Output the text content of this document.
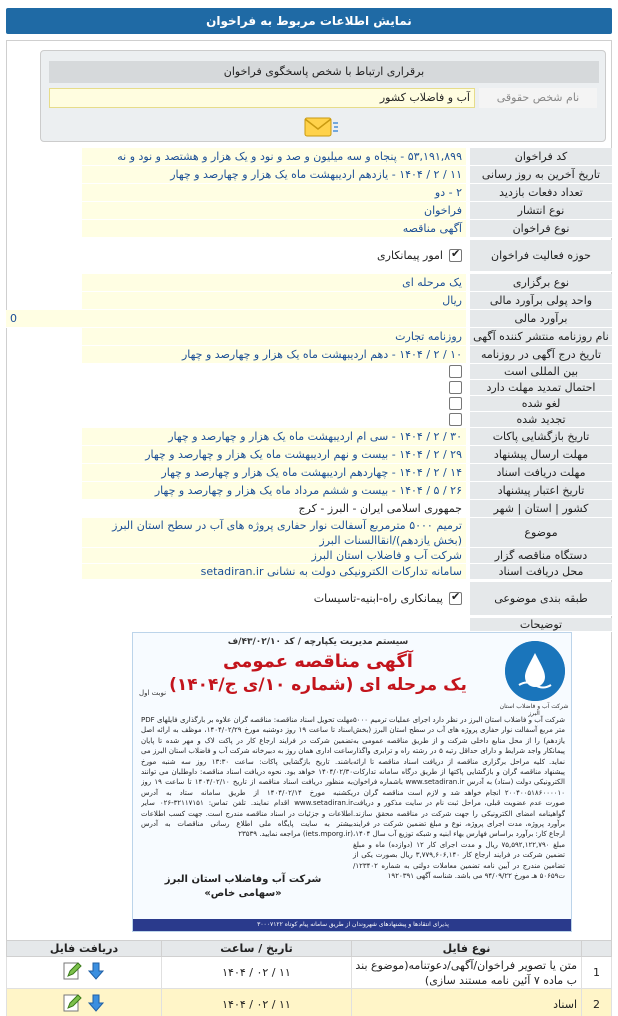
نمایش اطلاعات مربوط به فراخوان
برقراری ارتباط با شخص پاسخگوی فراخوان
نام شخص حقوقی
آب و فاضلاب کشور
کد فراخوان
۵۳,۱۹۱,۸۹۹ - پنجاه و سه میلیون و صد و نود و یک هزار و هشتصد و نود و نه
تاریخ آخرین به روز رسانی
۱۱ / ۲ / ۱۴۰۴ - یازدهم اردیبهشت ماه یک هزار و چهارصد و چهار
تعداد دفعات بازدید
۲ - دو
نوع انتشار
فراخوان
نوع فراخوان
آگهی مناقصه
حوزه فعالیت فراخوان
✔
امور پیمانکاری
نوع برگزاری
یک مرحله ای
واحد پولی برآورد مالی
ریال
برآورد مالی
0
نام روزنامه منتشر کننده آگهی
روزنامه تجارت
تاریخ درج آگهی در روزنامه
۱۰ / ۲ / ۱۴۰۴ - دهم اردیبهشت ماه یک هزار و چهارصد و چهار
بین المللی است
احتمال تمدید مهلت دارد
لغو شده
تجدید شده
تاریخ بازگشایی پاکات
۳۰ / ۲ / ۱۴۰۴ - سی ام اردیبهشت ماه یک هزار و چهارصد و چهار
مهلت ارسال پیشنهاد
۲۹ / ۲ / ۱۴۰۴ - بیست و نهم اردیبهشت ماه یک هزار و چهارصد و چهار
مهلت دریافت اسناد
۱۴ / ۲ / ۱۴۰۴ - چهاردهم اردیبهشت ماه یک هزار و چهارصد و چهار
تاریخ اعتبار پیشنهاد
۲۶ / ۵ / ۱۴۰۴ - بیست و ششم مرداد ماه یک هزار و چهارصد و چهار
کشور | استان | شهر
جمهوری اسلامی ایران - البرز - کرج
موضوع
ترمیم ۵۰۰۰ مترمربع آسفالت نوار حفاری پروژه های آب در سطح استان البرز (بخش یازدهم)/انقاالسنات البرز
دستگاه مناقصه گزار
شرکت آب و فاضلاب استان البرز
محل دریافت اسناد
سامانه تدارکات الکترونیکی دولت به نشانی setadiran.ir
طبقه بندی موضوعی
✔
پیمانکاری راه-ابنیه-تاسیسات
توضیحات
سیستم مدیریت یکپارچه / کد ۴۳/۰۲/۱۰/ف
آگهی مناقصه عمومی
یک مرحله ای (شماره ۱۰/ی ج/۱۴۰۴)
نوبت اول
شرکت آب و فاضلاب استان البرز
شرکت آب و فاضلاب استان البرز در نظر دارد اجرای عملیات ترمیم ۵۰۰۰ متر مربع آسفالت نوار حفاری پروژه های آب در سطح استان البرز (بخش یازدهم) را از محل منابع داخلی شرکت و از طریق مناقصه عمومی به پیمانکار واجد شرایط و دارای حداقل رتبه ۵ در رشته راه و ترابری واگذار نماید. کلیه مراحل برگزاری مناقصه از دریافت اسناد مناقصه تا ارائه پیشنهاد مناقصه گران و بازگشایی پاکتها از طریق درگاه سامانه تدارکات الکترونیکی دولت (ستاد) به آدرس www.setadiran.ir باشماره فراخوان ۲۰۰۴۰۰۵۱۸۶۰۰۰۰۱۰ انجام خواهد شد و لازم است مناقصه گران در صورت عدم عضویت قبلی، مراحل ثبت نام در سایت مذکور و دریافت گواهینامه امضای الکترونیکی را جهت شرکت در مناقصه محقق سازند. برآورد پروژه، مدت اجرای پروژه، نوع و مبلغ تضمین شرکت در فرایند ارجاع کار: برآورد براساس فهارس بهاء ابنیه و شبکه توزیع آب سال ۱۴۰۴، مبلغ ۷۵,۵۹۲,۱۲۲,۷۹۰ ریال و مدت اجرای کار ۱۲ (دوازده) ماه و مبلغ تضمین شرکت در فرایند ارجاع کار ۳,۷۷۹,۶۰۶,۱۴۰ ریال بصورت یکی از تضامین مندرج در آیین نامه تضمین معاملات دولتی به شماره ۱۲۳۴۰۲/ت۵۰۶۵۹ هـ مورخ ۹۴/۰۹/۲۲ می باشد. شناسه آگهی ۱۹۲۰۳۹۱
مهلت تحویل اسناد مناقصه: مناقصه گران علاوه بر بارگذاری فایلهای PDF اسناد تا ساعت ۱۹ روز دوشنبه مورخ ۱۴۰۴/۰۲/۲۹، موظف به ارائه اصل تضمین شرکت در فرایند ارجاع کار در پاکت لاک و مهر شده تا پایان ساعت اداری همان روز به دبیرخانه شرکت آب و فاضلاب استان البرز می باشند. تاریخ بازگشایی پاکات: ساعت ۱۳:۳۰ روز سه شنبه مورخ ۱۴۰۴/۰۲/۳۰ خواهد بود. نحوه دریافت اسناد مناقصه: داوطلبان می توانند به منظور دریافت اسناد مناقصه از تاریخ ۱۴۰۴/۰۲/۱۰ تا ساعت ۱۹ روز یکشنبه مورخ ۱۴۰۴/۰۲/۱۴ از طریق سامانه ستاد به آدرس www.setadiran.ir اقدام نمایند. تلفن تماس: ۳۲۱۱۷۱۵۱-۰۲۶ سایر اطلاعات و جزئیات در اسناد مناقصه مندرج است. جهت کسب اطلاعات بیشتر به سایت پایگاه ملی اطلاع رسانی مناقصات به آدرس (iets.mporg.ir) مراجعه نمایید. ۲۳۵۳۹
شرکت آب وفاضلاب استان البرز
«سهامی خاص»
پذیرای انتقادها و پیشنهادهای شهروندان از طریق سامانه پیام کوتاه ۳۰۰۰۷۱۲۲
	نوع فایل	تاریخ / ساعت	دریافت فایل
1	متن یا تصویر فراخوان/آگهی/دعوتنامه(موضوع بند ب ماده ۷ آئین نامه مستند سازی)	۱۱ / ۰۲ / ۱۴۰۴	

2	اسناد	۱۱ / ۰۲ / ۱۴۰۴	
